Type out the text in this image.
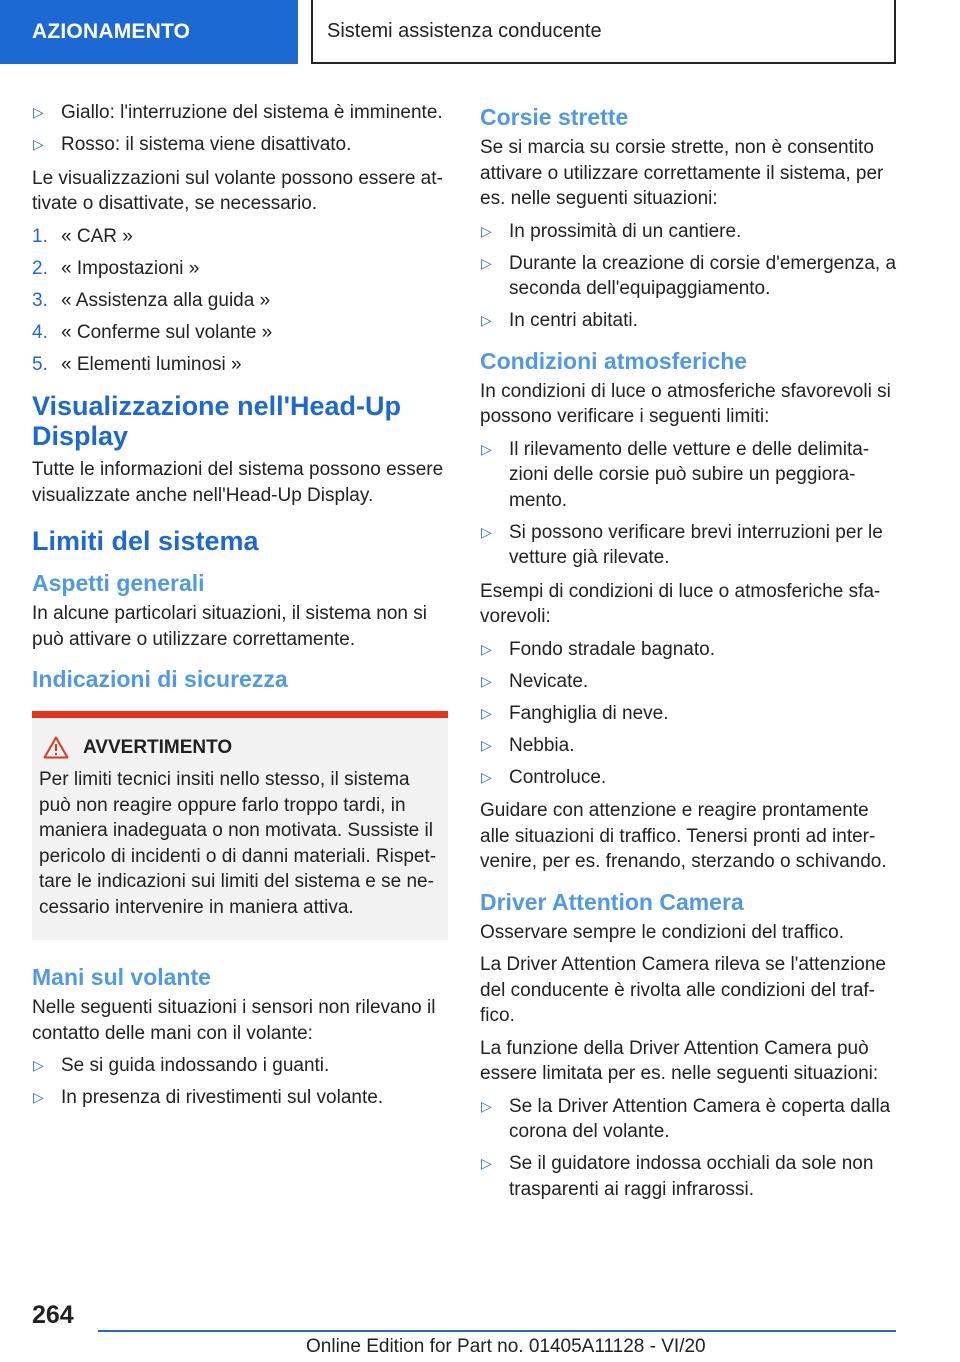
AZIONAMENTO	Sistemi assistenza conducente
▷ Giallo: l'interruzione del sistema è imminente.
▷ Rosso: il sistema viene disattivato.

Le visualizzazioni sul volante possono essere at-tivate o disattivate, se necessario.

1. « CAR »
2. « Impostazioni »
3. « Assistenza alla guida »
4. « Conferme sul volante »
5. « Elementi luminosi »
Visualizzazione nell'Head-Up Display

Tutte le informazioni del sistema possono essere visualizzate anche nell'Head-Up Display.

Limiti del sistema
Aspetti generali

In alcune particolari situazioni, il sistema non si può attivare o utilizzare correttamente.

Indicazioni di sicurezza
AVVERTIMENTO

Per limiti tecnici insiti nello stesso, il sistema può non reagire oppure farlo troppo tardi, in maniera inadeguata o non motivata. Sussiste il pericolo di incidenti o di danni materiali. Rispet-tare le indicazioni sui limiti del sistema e se ne-cessario intervenire in maniera attiva.

Mani sul volante

Nelle seguenti situazioni i sensori non rilevano il contatto delle mani con il volante:

▷ Se si guida indossando i guanti.
▷ In presenza di rivestimenti sul volante.
Corsie strette

Se si marcia su corsie strette, non è consentito attivare o utilizzare correttamente il sistema, per es. nelle seguenti situazioni:

▷ In prossimità di un cantiere.
▷ Durante la creazione di corsie d'emergenza, a seconda dell'equipaggiamento.
▷ In centri abitati.
Condizioni atmosferiche

In condizioni di luce o atmosferiche sfavorevoli si possono verificare i seguenti limiti:

▷ Il rilevamento delle vetture e delle delimita-zioni delle corsie può subire un peggiora-mento.
▷ Si possono verificare brevi interruzioni per le vetture già rilevate.

Esempi di condizioni di luce o atmosferiche sfa-vorevoli:

▷ Fondo stradale bagnato.
▷ Nevicate.
▷ Fanghiglia di neve.
▷ Nebbia.
▷ Controluce.

Guidare con attenzione e reagire prontamente alle situazioni di traffico. Tenersi pronti ad inter-venire, per es. frenando, sterzando o schivando.

Driver Attention Camera

Osservare sempre le condizioni del traffico.

La Driver Attention Camera rileva se l'attenzione del conducente è rivolta alle condizioni del traf-fico.

La funzione della Driver Attention Camera può essere limitata per es. nelle seguenti situazioni:

▷ Se la Driver Attention Camera è coperta dalla corona del volante.
▷ Se il guidatore indossa occhiali da sole non trasparenti ai raggi infrarossi.
264
Online Edition for Part no. 01405A11128 - VI/20
